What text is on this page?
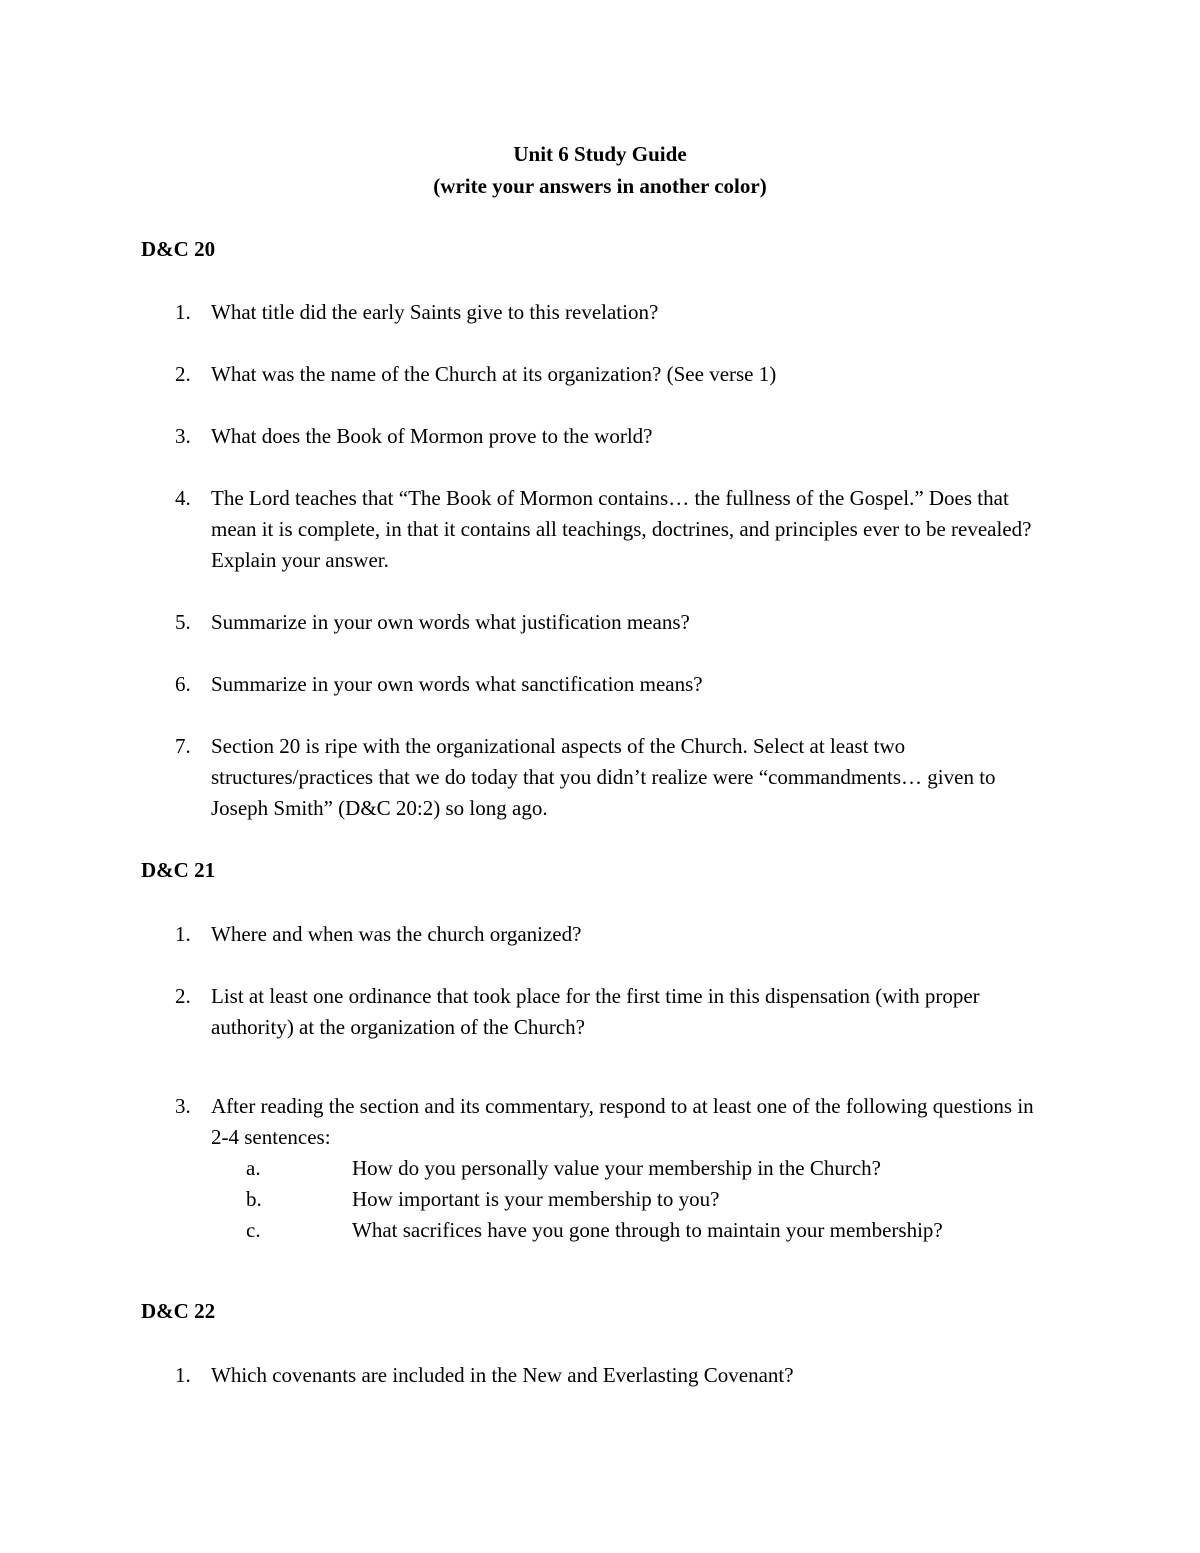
Unit 6 Study Guide
(write your answers in another color)
D&C 20
1. What title did the early Saints give to this revelation?
2. What was the name of the Church at its organization? (See verse 1)
3. What does the Book of Mormon prove to the world?
4. The Lord teaches that “The Book of Mormon contains… the fullness of the Gospel.” Does that mean it is complete, in that it contains all teachings, doctrines, and principles ever to be revealed? Explain your answer.
5. Summarize in your own words what justification means?
6. Summarize in your own words what sanctification means?
7. Section 20 is ripe with the organizational aspects of the Church. Select at least two structures/practices that we do today that you didn’t realize were “commandments… given to Joseph Smith” (D&C 20:2) so long ago.
D&C 21
1. Where and when was the church organized?
2. List at least one ordinance that took place for the first time in this dispensation (with proper authority) at the organization of the Church?
3. After reading the section and its commentary, respond to at least one of the following questions in 2-4 sentences:
a.	How do you personally value your membership in the Church?
b.	How important is your membership to you?
c.	What sacrifices have you gone through to maintain your membership?
D&C 22
1. Which covenants are included in the New and Everlasting Covenant?
